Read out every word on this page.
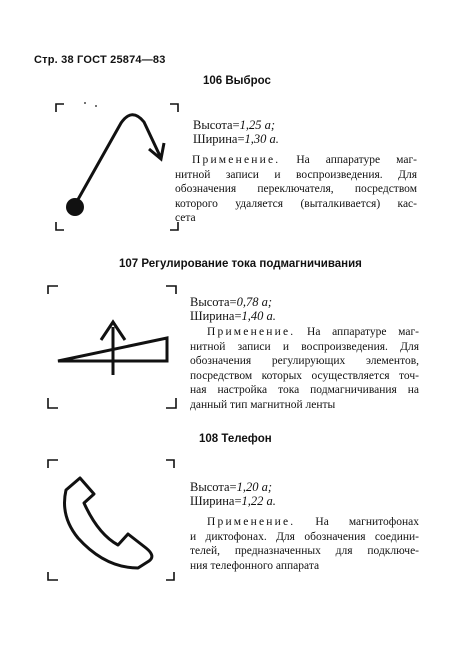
Стр. 38 ГОСТ 25874—83
106 Выброс
Высота=1,25 а;
Ширина=1,30 а.
Применение. На аппаратуре маг-
нитной записи и воспроизведения. Для
обозначения переключателя, посредством
которого удаляется (выталкивается) кас-
сета
107 Регулирование тока подмагничивания
Высота=0,78 а;
Ширина=1,40 а.
Применение. На аппаратуре маг-
нитной записи и воспроизведения. Для
обозначения регулирующих элементов,
посредством которых осуществляется точ-
ная настройка тока подмагничивания на
данный тип магнитной ленты
108 Телефон
Высота=1,20 а;
Ширина=1,22 а.
Применение. На магнитофонах
и диктофонах. Для обозначения соедини-
телей, предназначенных для подключе-
ния телефонного аппарата
